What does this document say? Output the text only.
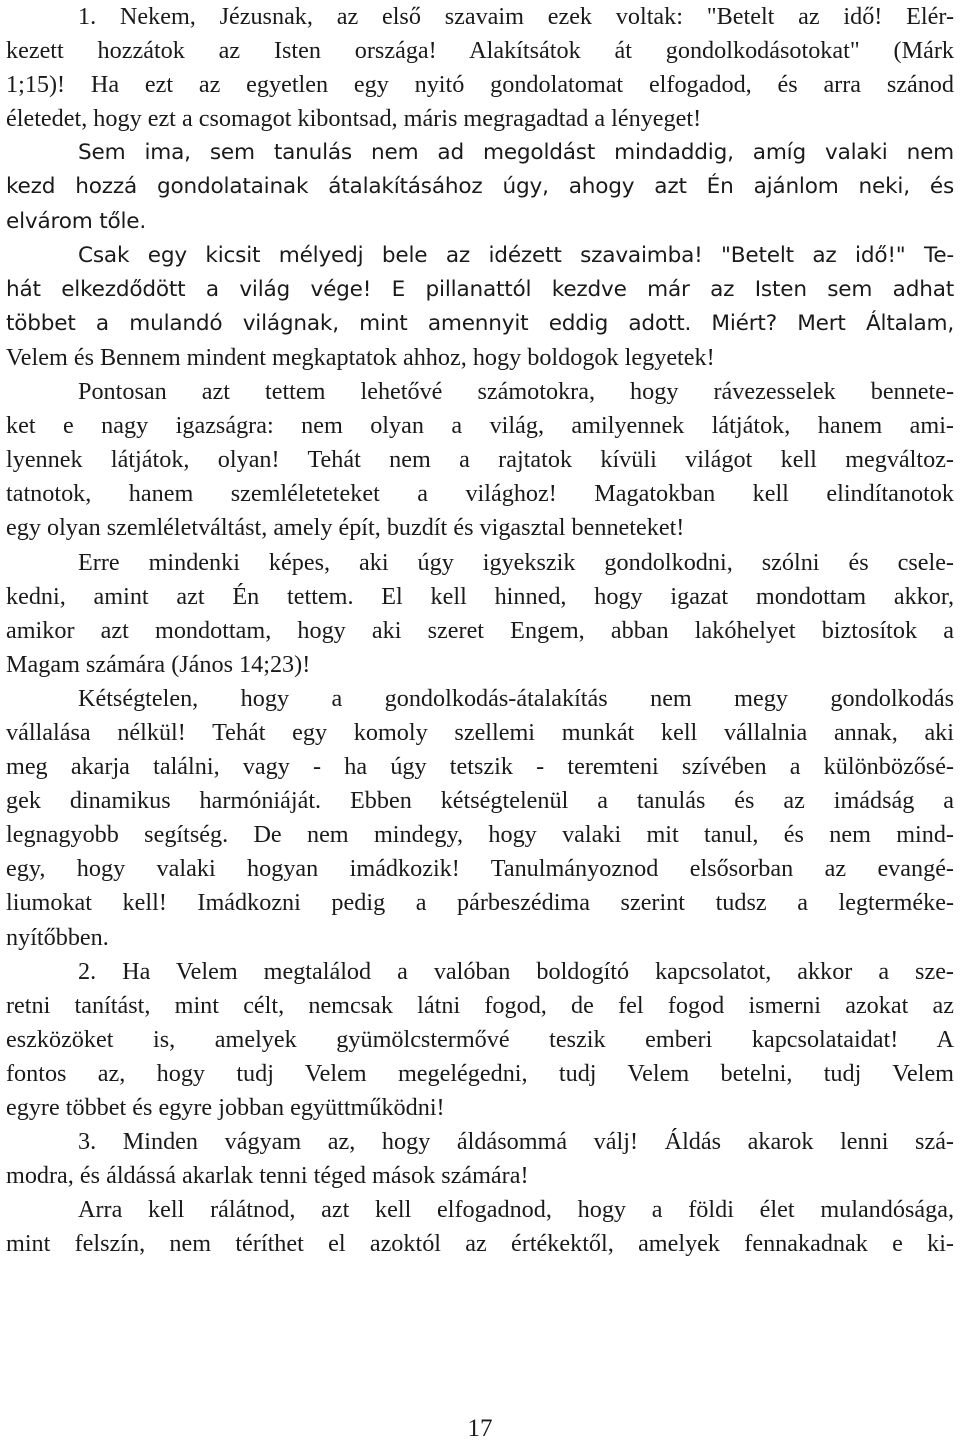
1. Nekem, Jézusnak, az első szavaim ezek voltak: "Betelt az idő! Elér-
kezett hozzátok az Isten országa! Alakítsátok át gondolkodásotokat" (Márk
1;15)! Ha ezt az egyetlen egy nyitó gondolatomat elfogadod, és arra szánod
életedet, hogy ezt a csomagot kibontsad, máris megragadtad a lényeget!
Sem ima, sem tanulás nem ad megoldást mindaddig, amíg valaki nem
kezd hozzá gondolatainak átalakításához úgy, ahogy azt Én ajánlom neki, és
elvárom tőle.
Csak egy kicsit mélyedj bele az idézett szavaimba! "Betelt az idő!" Te-
hát elkezdődött a világ vége! E pillanattól kezdve már az Isten sem adhat
többet a mulandó világnak, mint amennyit eddig adott. Miért? Mert Általam,
Velem és Bennem mindent megkaptatok ahhoz, hogy boldogok legyetek!
Pontosan azt tettem lehetővé számotokra, hogy rávezesselek bennete-
ket e nagy igazságra: nem olyan a világ, amilyennek látjátok, hanem ami-
lyennek látjátok, olyan! Tehát nem a rajtatok kívüli világot kell megváltoz-
tatnotok, hanem szemléleteteket a világhoz! Magatokban kell elindítanotok
egy olyan szemléletváltást, amely épít, buzdít és vigasztal benneteket!
Erre mindenki képes, aki úgy igyekszik gondolkodni, szólni és csele-
kedni, amint azt Én tettem. El kell hinned, hogy igazat mondottam akkor,
amikor azt mondottam, hogy aki szeret Engem, abban lakóhelyet biztosítok a
Magam számára (János 14;23)!
Kétségtelen, hogy a gondolkodás-átalakítás nem megy gondolkodás
vállalása nélkül! Tehát egy komoly szellemi munkát kell vállalnia annak, aki
meg akarja találni, vagy - ha úgy tetszik - teremteni szívében a különbözősé-
gek dinamikus harmóniáját. Ebben kétségtelenül a tanulás és az imádság a
legnagyobb segítség. De nem mindegy, hogy valaki mit tanul, és nem mind-
egy, hogy valaki hogyan imádkozik! Tanulmányoznod elsősorban az evangé-
liumokat kell! Imádkozni pedig a párbeszédima szerint tudsz a legterméke-
nyítőbben.
2. Ha Velem megtalálod a valóban boldogító kapcsolatot, akkor a sze-
retni tanítást, mint célt, nemcsak látni fogod, de fel fogod ismerni azokat az
eszközöket is, amelyek gyümölcstermővé teszik emberi kapcsolataidat! A
fontos az, hogy tudj Velem megelégedni, tudj Velem betelni, tudj Velem
egyre többet és egyre jobban együttműködni!
3. Minden vágyam az, hogy áldásommá válj! Áldás akarok lenni szá-
modra, és áldássá akarlak tenni téged mások számára!
Arra kell rálátnod, azt kell elfogadnod, hogy a földi élet mulandósága,
mint felszín, nem téríthet el azoktól az értékektől, amelyek fennakadnak e ki-
17
